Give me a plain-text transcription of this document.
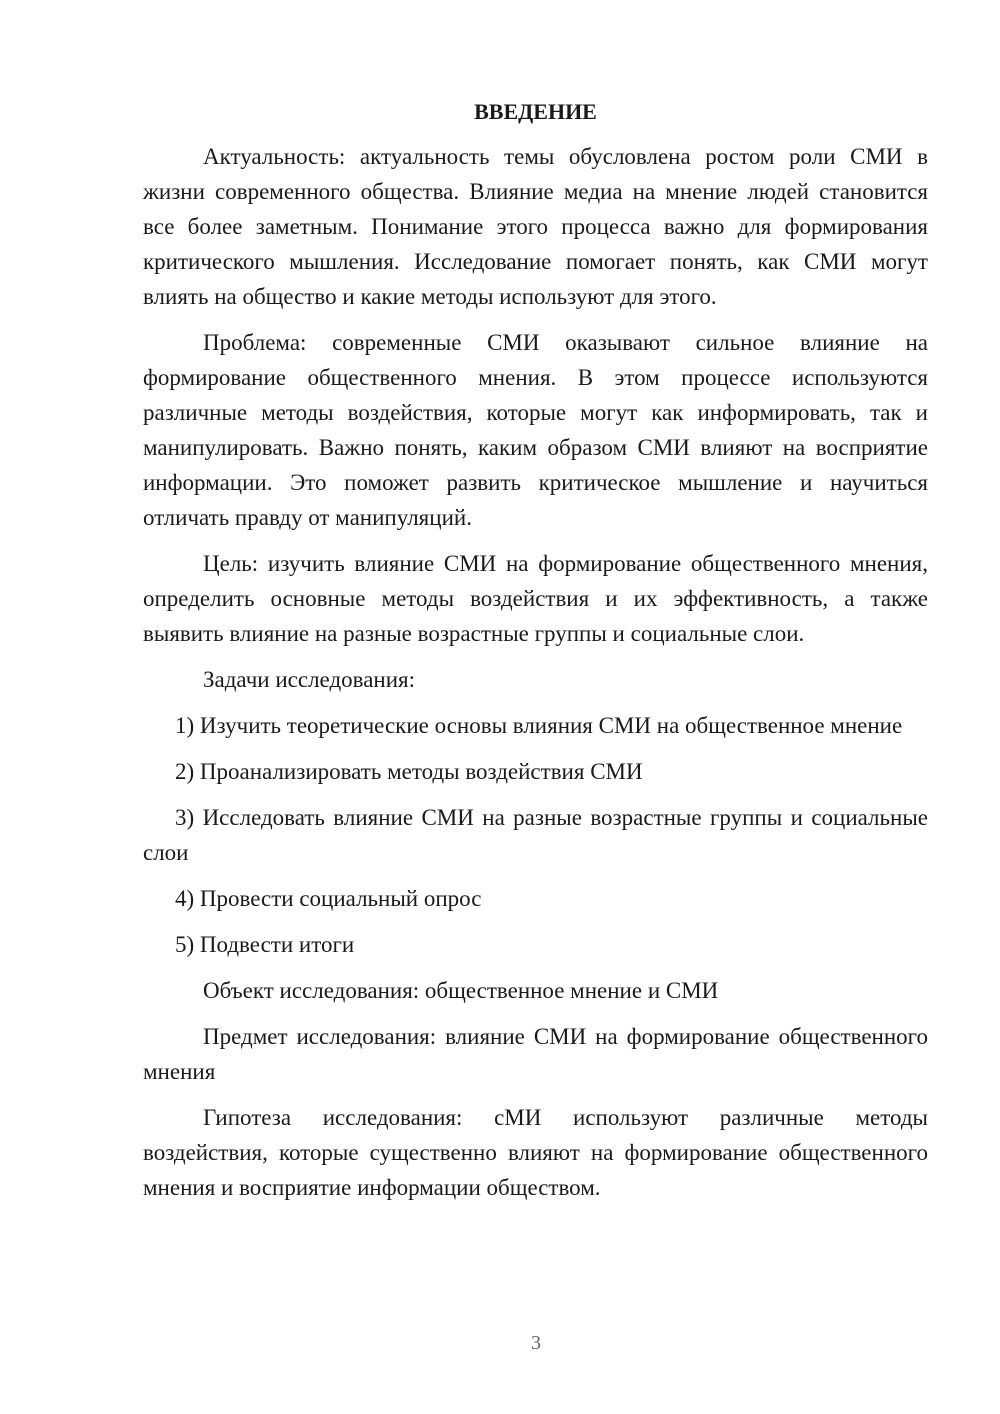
ВВЕДЕНИЕ

Актуальность: актуальность темы обусловлена ростом роли СМИ в жизни современного общества. Влияние медиа на мнение людей становится все более заметным. Понимание этого процесса важно для формирования критического мышления. Исследование помогает понять, как СМИ могут влиять на общество и какие методы используют для этого.

Проблема: современные СМИ оказывают сильное влияние на формирование общественного мнения. В этом процессе используются различные методы воздействия, которые могут как информировать, так и манипулировать. Важно понять, каким образом СМИ влияют на восприятие информации. Это поможет развить критическое мышление и научиться отличать правду от манипуляций.

Цель: изучить влияние СМИ на формирование общественного мнения, определить основные методы воздействия и их эффективность, а также выявить влияние на разные возрастные группы и социальные слои.

Задачи исследования:

1) Изучить теоретические основы влияния СМИ на общественное мнение

2) Проанализировать методы воздействия СМИ

3) Исследовать влияние СМИ на разные возрастные группы и социальные слои

4) Провести социальный опрос

5) Подвести итоги

Объект исследования: общественное мнение и СМИ

Предмет исследования: влияние СМИ на формирование общественного мнения

Гипотеза исследования: сМИ используют различные методы воздействия, которые существенно влияют на формирование общественного мнения и восприятие информации обществом.

3
